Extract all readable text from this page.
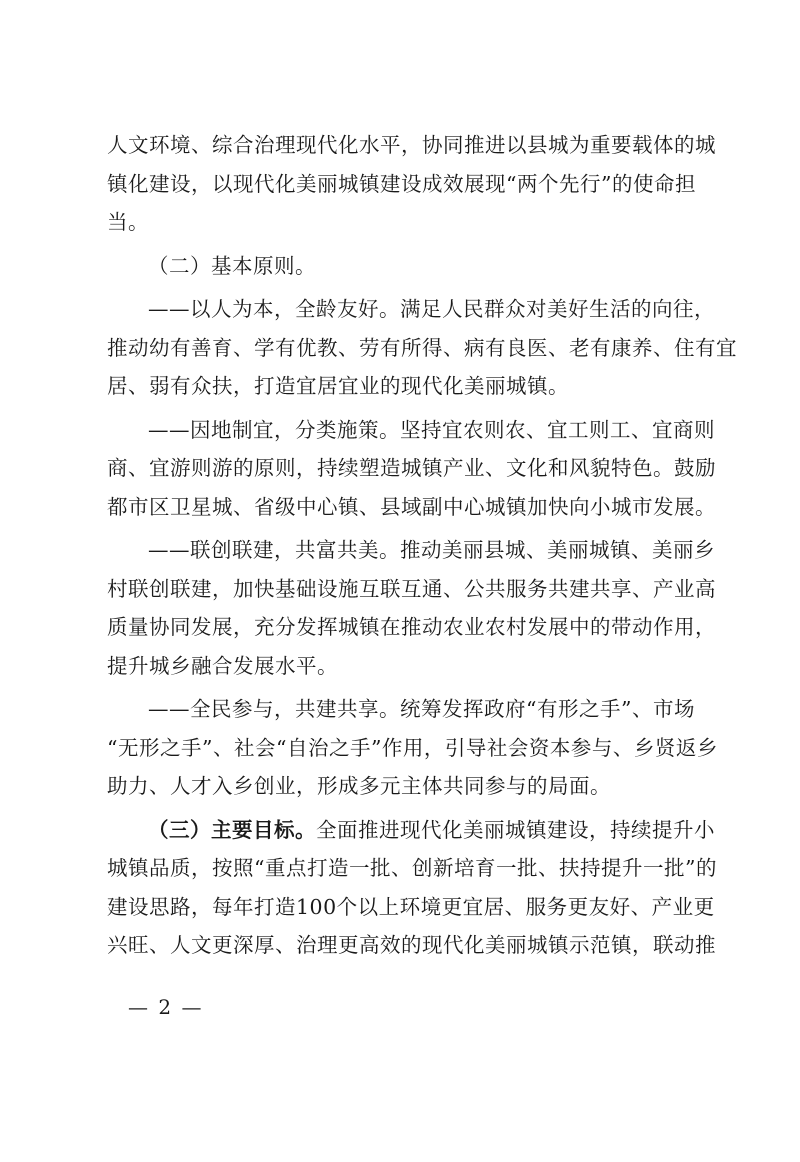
人文环境、综合治理现代化水平，协同推进以县城为重要载体的城
镇化建设，以现代化美丽城镇建设成效展现“两个先行”的使命担
当。
（二）基本原则。
——以人为本，全龄友好。满足人民群众对美好生活的向往，
推动幼有善育、学有优教、劳有所得、病有良医、老有康养、住有宜
居、弱有众扶，打造宜居宜业的现代化美丽城镇。
——因地制宜，分类施策。坚持宜农则农、宜工则工、宜商则
商、宜游则游的原则，持续塑造城镇产业、文化和风貌特色。鼓励
都市区卫星城、省级中心镇、县域副中心城镇加快向小城市发展。
——联创联建，共富共美。推动美丽县城、美丽城镇、美丽乡
村联创联建，加快基础设施互联互通、公共服务共建共享、产业高
质量协同发展，充分发挥城镇在推动农业农村发展中的带动作用，
提升城乡融合发展水平。
——全民参与，共建共享。统筹发挥政府“有形之手”、市场
“无形之手”、社会“自治之手”作用，引导社会资本参与、乡贤返乡
助力、人才入乡创业，形成多元主体共同参与的局面。
（三）主要目标。全面推进现代化美丽城镇建设，持续提升小
城镇品质，按照“重点打造一批、创新培育一批、扶持提升一批”的
建设思路，每年打造100个以上环境更宜居、服务更友好、产业更
兴旺、人文更深厚、治理更高效的现代化美丽城镇示范镇，联动推
— 2 —
